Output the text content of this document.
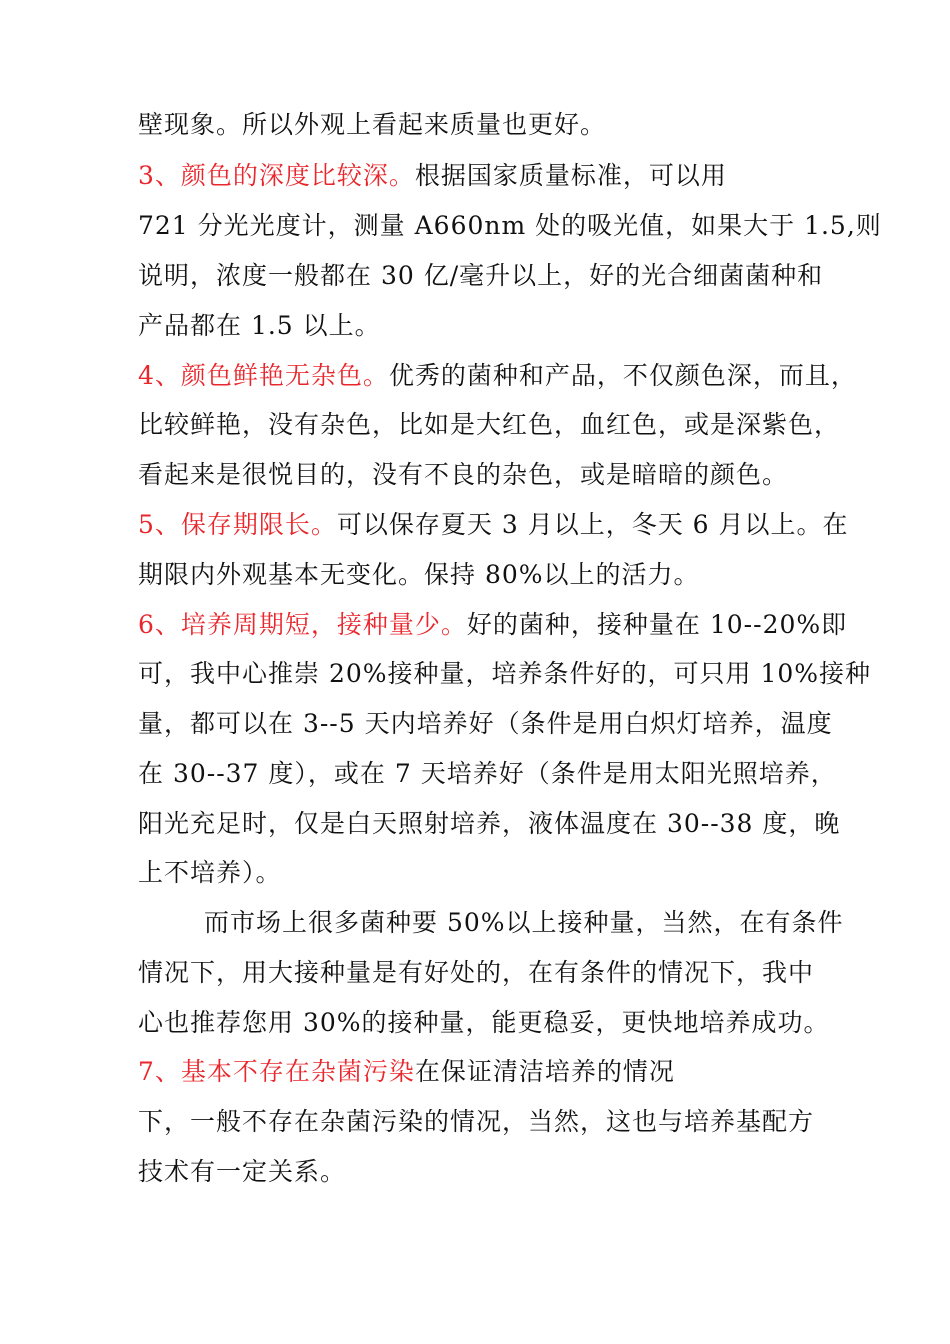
壁现象。所以外观上看起来质量也更好。
3、颜色的深度比较深。根据国家质量标准，可以用
721 分光光度计，测量 A660nm 处的吸光值，如果大于 1.5,则
说明，浓度一般都在 30 亿/毫升以上，好的光合细菌菌种和
产品都在 1.5 以上。
4、颜色鲜艳无杂色。优秀的菌种和产品，不仅颜色深，而且，
比较鲜艳，没有杂色，比如是大红色，血红色，或是深紫色，
看起来是很悦目的，没有不良的杂色，或是暗暗的颜色。
5、保存期限长。可以保存夏天 3 月以上，冬天 6 月以上。在
期限内外观基本无变化。保持 80%以上的活力。
6、培养周期短，接种量少。好的菌种，接种量在 10--20%即
可，我中心推崇 20%接种量，培养条件好的，可只用 10%接种
量，都可以在 3--5 天内培养好（条件是用白炽灯培养，温度
在 30--37 度），或在 7 天培养好（条件是用太阳光照培养，
阳光充足时，仅是白天照射培养，液体温度在 30--38 度，晚
上不培养）。
而市场上很多菌种要 50%以上接种量，当然，在有条件
情况下，用大接种量是有好处的，在有条件的情况下，我中
心也推荐您用 30%的接种量，能更稳妥，更快地培养成功。
7、基本不存在杂菌污染在保证清洁培养的情况
下，一般不存在杂菌污染的情况，当然，这也与培养基配方
技术有一定关系。
